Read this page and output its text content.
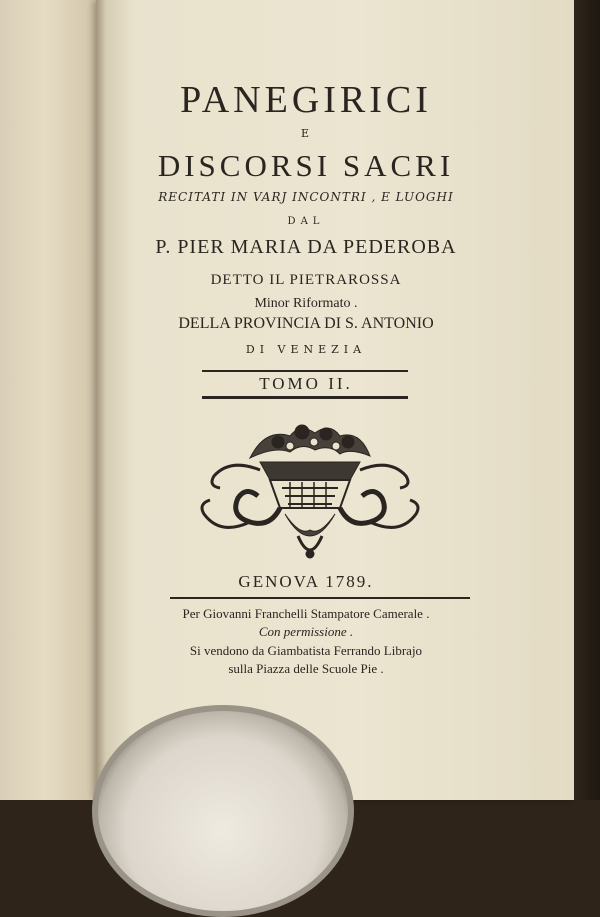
PANEGIRICI
E
DISCORSI SACRI
RECITATI IN VARJ INCONTRI , E LUOGHI
DAL
P. PIER MARIA DA PEDEROBA
DETTO IL PIETRAROSSA
Minor Riformato .
DELLA PROVINCIA DI S. ANTONIO
DI VENEZIA
TOMO II.
GENOVA 1789.
Per Giovanni Franchelli Stampatore Camerale .
Con permissione .
Si vendono da Giambatista Ferrando Librajo
sulla Piazza delle Scuole Pie .
